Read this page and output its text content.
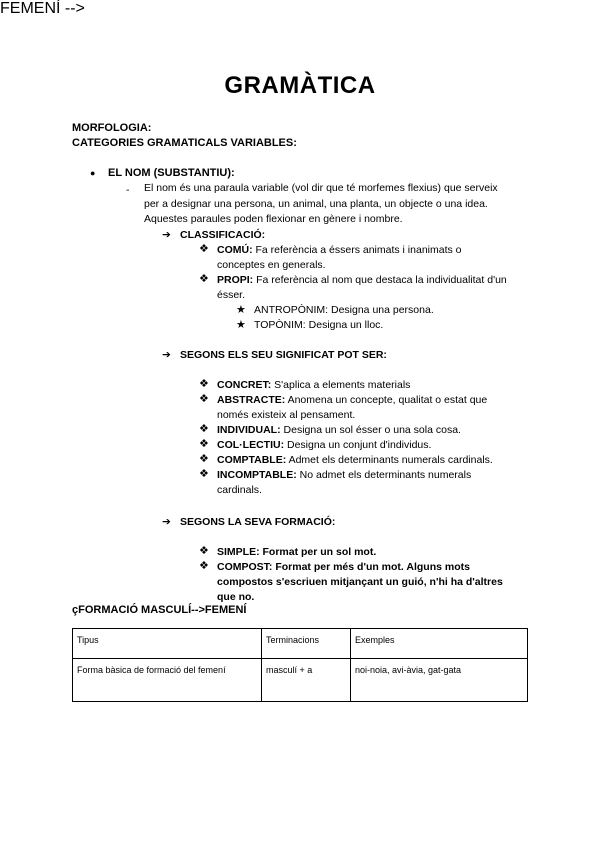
GRAMÀTICA
MORFOLOGIA:
CATEGORIES GRAMATICALS VARIABLES:
● EL NOM (SUBSTANTIU):
- El nom és una paraula variable (vol dir que té morfemes flexius) que serveix
per a designar una persona, un animal, una planta, un objecte o una idea.
Aquestes paraules poden flexionar en gènere i nombre.
➔ CLASSIFICACIÓ:
❖ COMÚ: Fa referència a éssers animats i inanimats o
conceptes en generals.
❖ PROPI: Fa referència al nom que destaca la individualitat d'un
ésser.
★ ANTROPÒNIM: Designa una persona.
★ TOPÒNIM: Designa un lloc.
➔ SEGONS ELS SEU SIGNIFICAT POT SER:
❖ CONCRET: S'aplica a elements materials
❖ ABSTRACTE: Anomena un concepte, qualitat o estat que
només existeix al pensament.
❖ INDIVIDUAL: Designa un sol ésser o una sola cosa.
❖ COL·LECTIU: Designa un conjunt d'individus.
❖ COMPTABLE: Admet els determinants numerals cardinals.
❖ INCOMPTABLE: No admet els determinants numerals
cardinals.
➔ SEGONS LA SEVA FORMACIÓ:
❖ SIMPLE: Format per un sol mot.
❖ COMPOST: Format per més d'un mot. Alguns mots
compostos s'escriuen mitjançant un guió, n'hi ha d'altres
que no.
FEMENÍ -->
çFORMACIÓ MASCULÍ-->FEMENÍ
Tipus	Terminacions	Exemples
Forma bàsica de formació del femení	masculí + a	noi-noia, avi-àvia, gat-gata
